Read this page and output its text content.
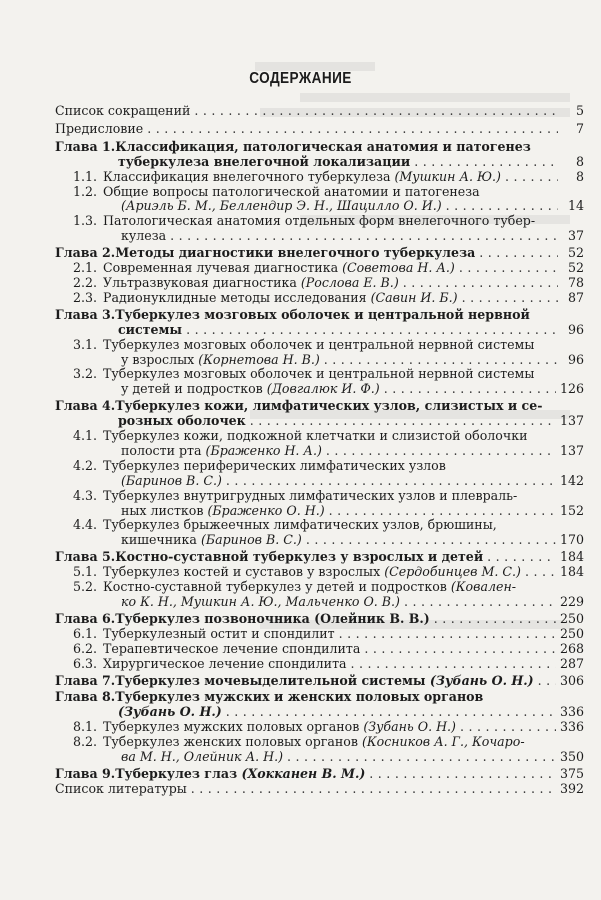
СОДЕРЖАНИЕ
Список сокращений . . .	5
Предисловие . . .	7
Глава 1.Классификация, патологическая анатомия и патогенез
туберкулеза внелегочной локализации . . .	8
1.1. Классификация внелегочного туберкулеза (Мушкин А. Ю.) . . .	8
1.2. Общие вопросы патологической анатомии и патогенеза
(Ариэль Б. М., Беллендир Э. Н., Шацилло О. И.) . . .	14
1.3. Патологическая анатомия отдельных форм внелегочного тубер-
кулеза . . .	37
Глава 2.Методы диагностики внелегочного туберкулеза . . .	52
2.1. Современная лучевая диагностика (Советова Н. А.) . . .	52
2.2. Ультразвуковая диагностика (Рослова Е. В.) . . .	78
2.3. Радионуклидные методы исследования (Савин И. Б.) . . .	87
Глава 3.Туберкулез мозговых оболочек и центральной нервной
системы . . .	96
3.1. Туберкулез мозговых оболочек и центральной нервной системы
у взрослых (Корнетова Н. В.) . . .	96
3.2. Туберкулез мозговых оболочек и центральной нервной системы
у детей и подростков (Довгалюк И. Ф.) . . .	126
Глава 4.Туберкулез кожи, лимфатических узлов, слизистых и се-
розных оболочек . . .	137
4.1. Туберкулез кожи, подкожной клетчатки и слизистой оболочки
полости рта (Браженко Н. А.) . . .	137
4.2. Туберкулез периферических лимфатических узлов
(Баринов В. С.) . . .	142
4.3. Туберкулез внутригрудных лимфатических узлов и плевраль-
ных листков (Браженко О. Н.) . . .	152
4.4. Туберкулез брыжеечных лимфатических узлов, брюшины,
кишечника (Баринов В. С.) . . .	170
Глава 5.Костно-суставной туберкулез у взрослых и детей . . .	184
5.1. Туберкулез костей и суставов у взрослых (Сердобинцев М. С.) . . .	184
5.2. Костно-суставной туберкулез у детей и подростков (Ковален-
ко К. Н., Мушкин А. Ю., Мальченко О. В.) . . .	229
Глава 6.Туберкулез позвоночника (Олейник В. В.) . . .	250
6.1. Туберкулезный остит и спондилит . . .	250
6.2. Терапевтическое лечение спондилита . . .	268
6.3. Хирургическое лечение спондилита . . .	287
Глава 7.Туберкулез мочевыделительной системы (Зубань О. Н.) . . . 306
Глава 8.Туберкулез мужских и женских половых органов
(Зубань О. Н.) . . .	336
8.1. Туберкулез мужских половых органов (Зубань О. Н.) . . .	336
8.2. Туберкулез женских половых органов (Косников А. Г., Кочаро-
ва М. Н., Олейник А. Н.) . . .	350
Глава 9.Туберкулез глаз (Хокканен В. М.) . . .	375
Список литературы . . .	392
